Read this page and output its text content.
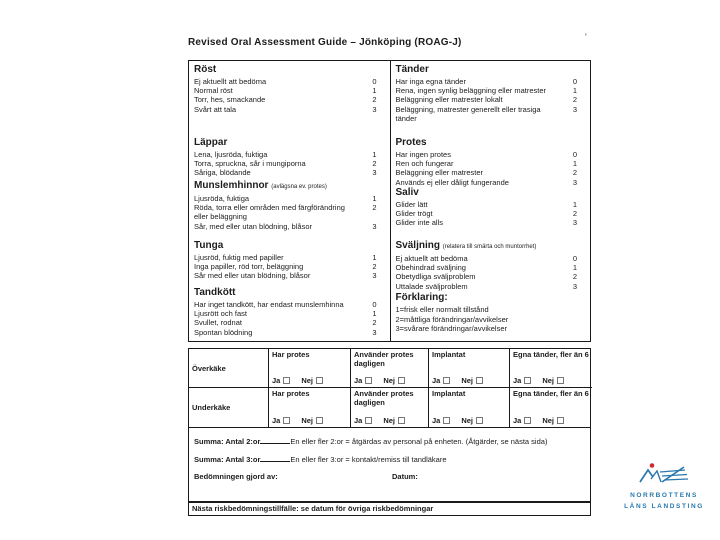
Revised Oral Assessment Guide – Jönköping (ROAG-J)	'
Röst
Ej aktuellt att bedöma	0
Normal röst	1
Torr, hes, smackande	2
Svårt att tala	3
Läppar
Lena, ljusröda, fuktiga	1
Torra, spruckna, sår i mungiporna	2
Såriga, blödande	3
Munslemhinnor (avlägsna ev. protes)
Ljusröda, fuktiga	1
Röda, torra eller områden med färgförändring	2
eller beläggning
Sår, med eller utan blödning, blåsor	3
Tunga
Ljusröd, fuktig med papiller	1
Inga papiller, röd torr, beläggning	2
Sår med eller utan blödning, blåsor	3
Tandkött
Har inget tandkött, har endast munslemhinna	0
Ljusrött och fast	1
Svullet, rodnat	2
Spontan blödning	3
Tänder
Har inga egna tänder	0
Rena, ingen synlig beläggning eller matrester	1
Beläggning eller matrester lokalt	2
Beläggning, matrester generellt eller trasiga	3
tänder
Protes
Har ingen protes	0
Ren och fungerar	1
Beläggning eller matrester	2
Används ej eller dåligt fungerande	3
Saliv
Glider lätt	1
Glider trögt	2
Glider inte alls	3
Sväljning (relatera till smärta och muntorrhet)
Ej aktuellt att bedöma	0
Obehindrad sväljning	1
Obetydliga sväljproblem	2
Uttalade sväljproblem	3
Förklaring:
1=frisk eller normalt tillstånd
2=måttliga förändringar/avvikelser
3=svårare förändringar/avvikelser
Överkäke
Har protes
Ja	Nej
Använder protes dagligen
Ja	Nej
Implantat
Ja	Nej
Egna tänder, fler än 6
Ja	Nej
Underkäke
Har protes
Ja	Nej
Använder protes dagligen
Ja	Nej
Implantat
Ja	Nej
Egna tänder, fler än 6
Ja	Nej
Summa: Antal 2:or	En eller fler 2:or = åtgärdas av personal på enheten. (Åtgärder, se nästa sida)
Summa: Antal 3:or	En eller fler 3:or = kontakt/remiss till tandläkare
Bedömningen gjord av:	Datum:
Nästa riskbedömningstillfälle: se datum för övriga riskbedömningar
NORRBOTTENS
LÄNS LANDSTING
